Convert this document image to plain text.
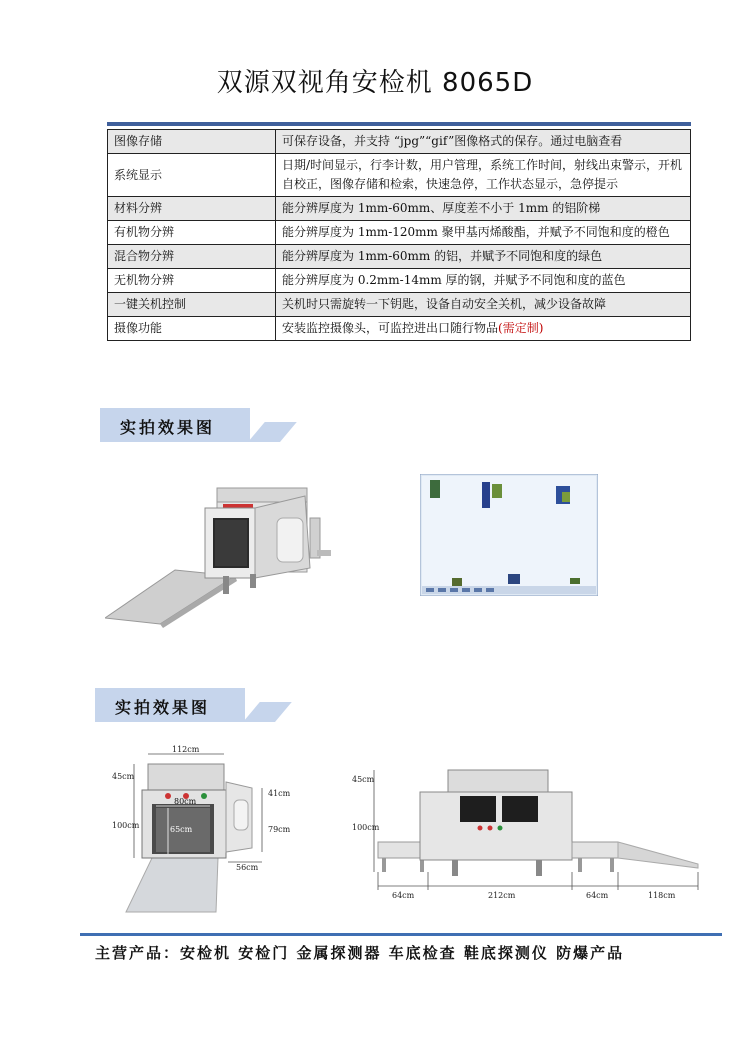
双源双视角安检机 8065D
图像存储	可保存设备，并支持 “jpg”“gif”图像格式的保存。通过电脑查看
系统显示	日期/时间显示，行李计数，用户管理，系统工作时间，射线出束警示，开机自校正，图像存储和检索，快速急停，工作状态显示，急停提示
材料分辨	能分辨厚度为 1mm-60mm、厚度差不小于 1mm 的铝阶梯
有机物分辨	能分辨厚度为 1mm-120mm 聚甲基丙烯酸酯，并赋予不同饱和度的橙色
混合物分辨	能分辨厚度为 1mm-60mm 的铝，并赋予不同饱和度的绿色
无机物分辨	能分辨厚度为 0.2mm-14mm 厚的钢，并赋予不同饱和度的蓝色
一键关机控制	关机时只需旋转一下钥匙，设备自动安全关机，减少设备故障
摄像功能	安装监控摄像头，可监控进出口随行物品(需定制)
实拍效果图
实拍效果图
112cm
45cm
100cm
80cm
65cm
41cm
79cm
56cm
45cm
100cm
64cm	212cm	64cm	118cm
主营产品：安检机 安检门 金属探测器 车底检查 鞋底探测仪 防爆产品
